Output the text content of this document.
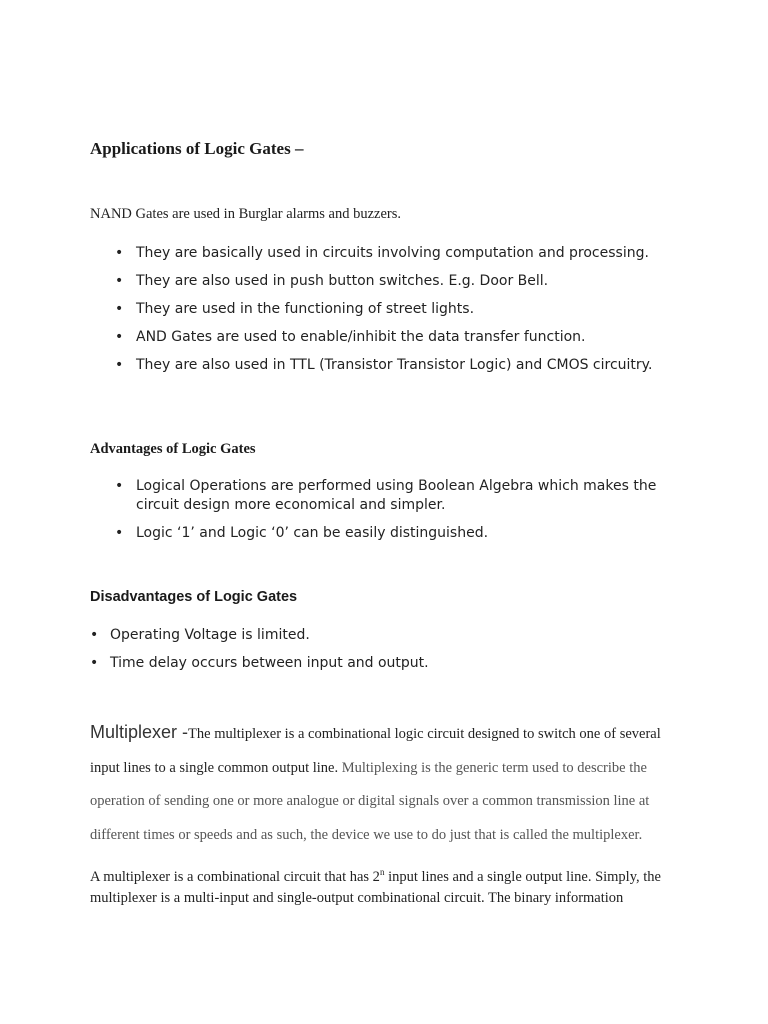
Applications of Logic Gates –
NAND Gates are used in Burglar alarms and buzzers.
• They are basically used in circuits involving computation and processing.
• They are also used in push button switches. E.g. Door Bell.
• They are used in the functioning of street lights.
• AND Gates are used to enable/inhibit the data transfer function.
• They are also used in TTL (Transistor Transistor Logic) and CMOS circuitry.
Advantages of Logic Gates
• Logical Operations are performed using Boolean Algebra which makes the circuit design more economical and simpler.
• Logic ‘1’ and Logic ‘0’ can be easily distinguished.
Disadvantages of Logic Gates
• Operating Voltage is limited.
• Time delay occurs between input and output.
Multiplexer -The multiplexer is a combinational logic circuit designed to switch one of several
input lines to a single common output line. Multiplexing is the generic term used to describe the
operation of sending one or more analogue or digital signals over a common transmission line at
different times or speeds and as such, the device we use to do just that is called the multiplexer.
A multiplexer is a combinational circuit that has 2$^n$ input lines and a single output line. Simply, the multiplexer is a multi-input and single-output combinational circuit. The binary information
